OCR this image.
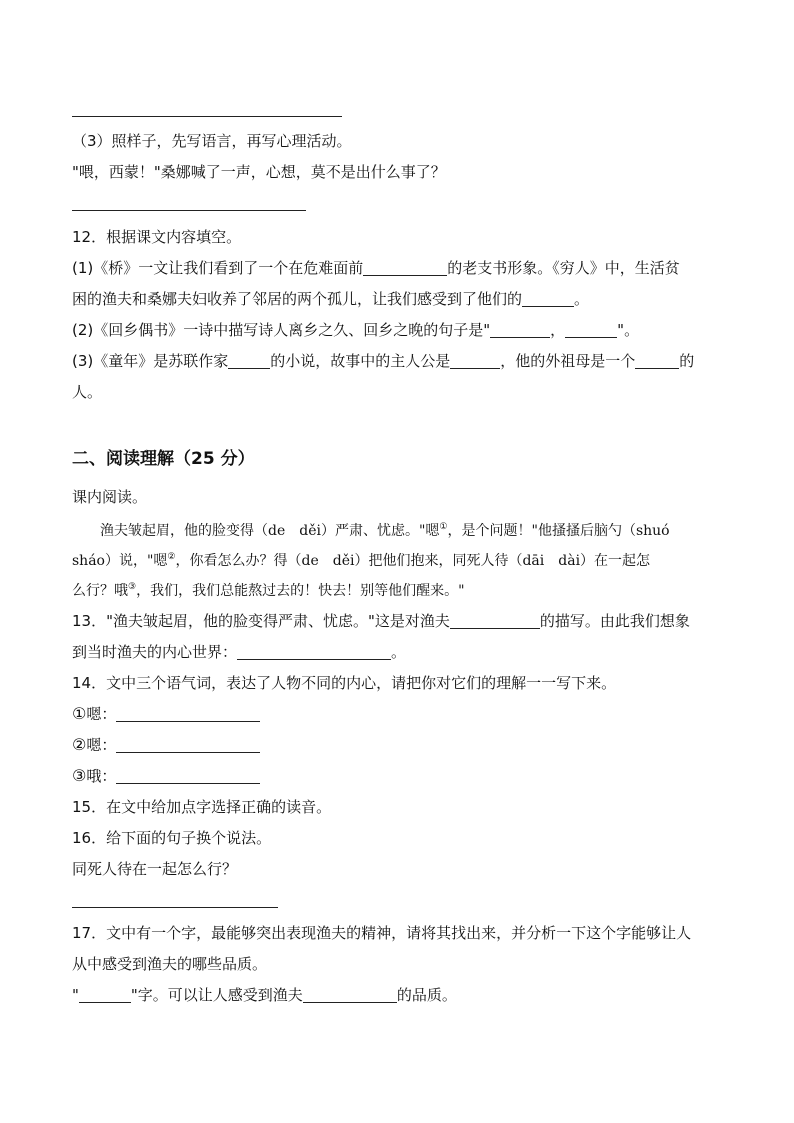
（3）照样子，先写语言，再写心理活动。
"喂，西蒙！"桑娜喊了一声，心想，莫不是出什么事了？
12．根据课文内容填空。
(1)《桥》一文让我们看到了一个在危难面前	的老支书形象。《穷人》中，生活贫
困的渔夫和桑娜夫妇收养了邻居的两个孤儿，让我们感受到了他们的	。
(2)《回乡偶书》一诗中描写诗人离乡之久、回乡之晚的句子是"	，	"。
(3)《童年》是苏联作家	的小说，故事中的主人公是	，他的外祖母是一个	的
人。
二、阅读理解（25 分）
课内阅读。
渔夫皱起眉，他的脸变得（de　děi）严肃、忧虑。"嗯①，是个问题！"他搔搔后脑勺（shuó
sháo）说，"嗯②，你看怎么办？得（de　děi）把他们抱来，同死人待（dāi　dài）在一起怎
么行？哦③，我们，我们总能熬过去的！快去！别等他们醒来。"
13．"渔夫皱起眉，他的脸变得严肃、忧虑。"这是对渔夫	的描写。由此我们想象
到当时渔夫的内心世界：	。
14．文中三个语气词，表达了人物不同的内心，请把你对它们的理解一一写下来。
①嗯：
②嗯：
③哦：
15．在文中给加点字选择正确的读音。
16．给下面的句子换个说法。
同死人待在一起怎么行？
17．文中有一个字，最能够突出表现渔夫的精神，请将其找出来，并分析一下这个字能够让人
从中感受到渔夫的哪些品质。
"	"字。可以让人感受到渔夫	的品质。
